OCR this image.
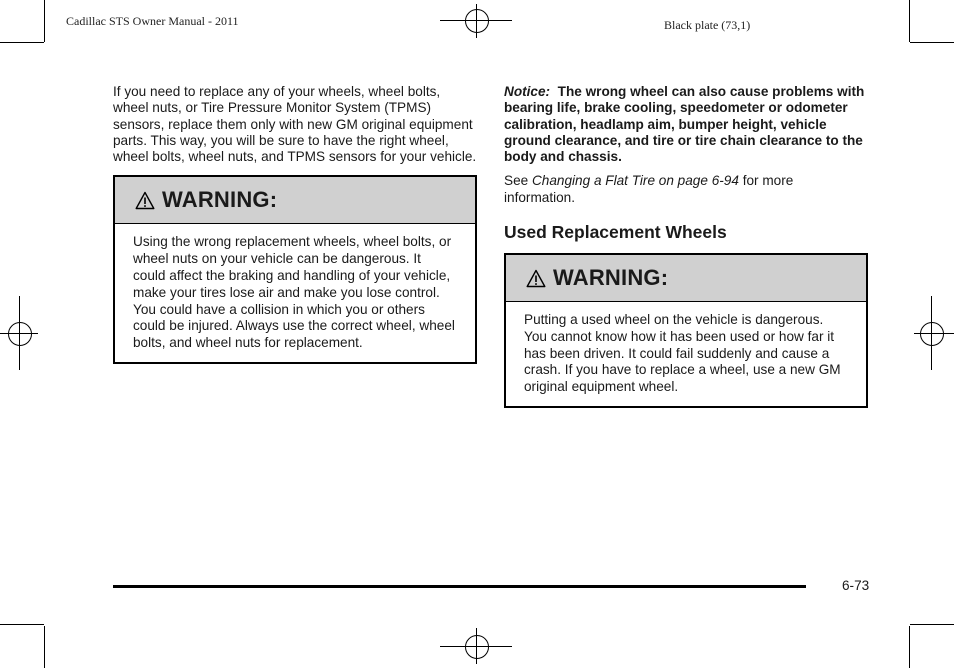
Cadillac STS Owner Manual - 2011	Black plate (73,1)

If you need to replace any of your wheels, wheel bolts, wheel nuts, or Tire Pressure Monitor System (TPMS) sensors, replace them only with new GM original equipment parts. This way, you will be sure to have the right wheel, wheel bolts, wheel nuts, and TPMS sensors for your vehicle.

WARNING:
Using the wrong replacement wheels, wheel bolts, or wheel nuts on your vehicle can be dangerous. It could affect the braking and handling of your vehicle, make your tires lose air and make you lose control. You could have a collision in which you or others could be injured. Always use the correct wheel, wheel bolts, and wheel nuts for replacement.

Notice: The wrong wheel can also cause problems with bearing life, brake cooling, speedometer or odometer calibration, headlamp aim, bumper height, vehicle ground clearance, and tire or tire chain clearance to the body and chassis.

See Changing a Flat Tire on page 6-94 for more information.

Used Replacement Wheels
WARNING:
Putting a used wheel on the vehicle is dangerous. You cannot know how it has been used or how far it has been driven. It could fail suddenly and cause a crash. If you have to replace a wheel, use a new GM original equipment wheel.
6-73
